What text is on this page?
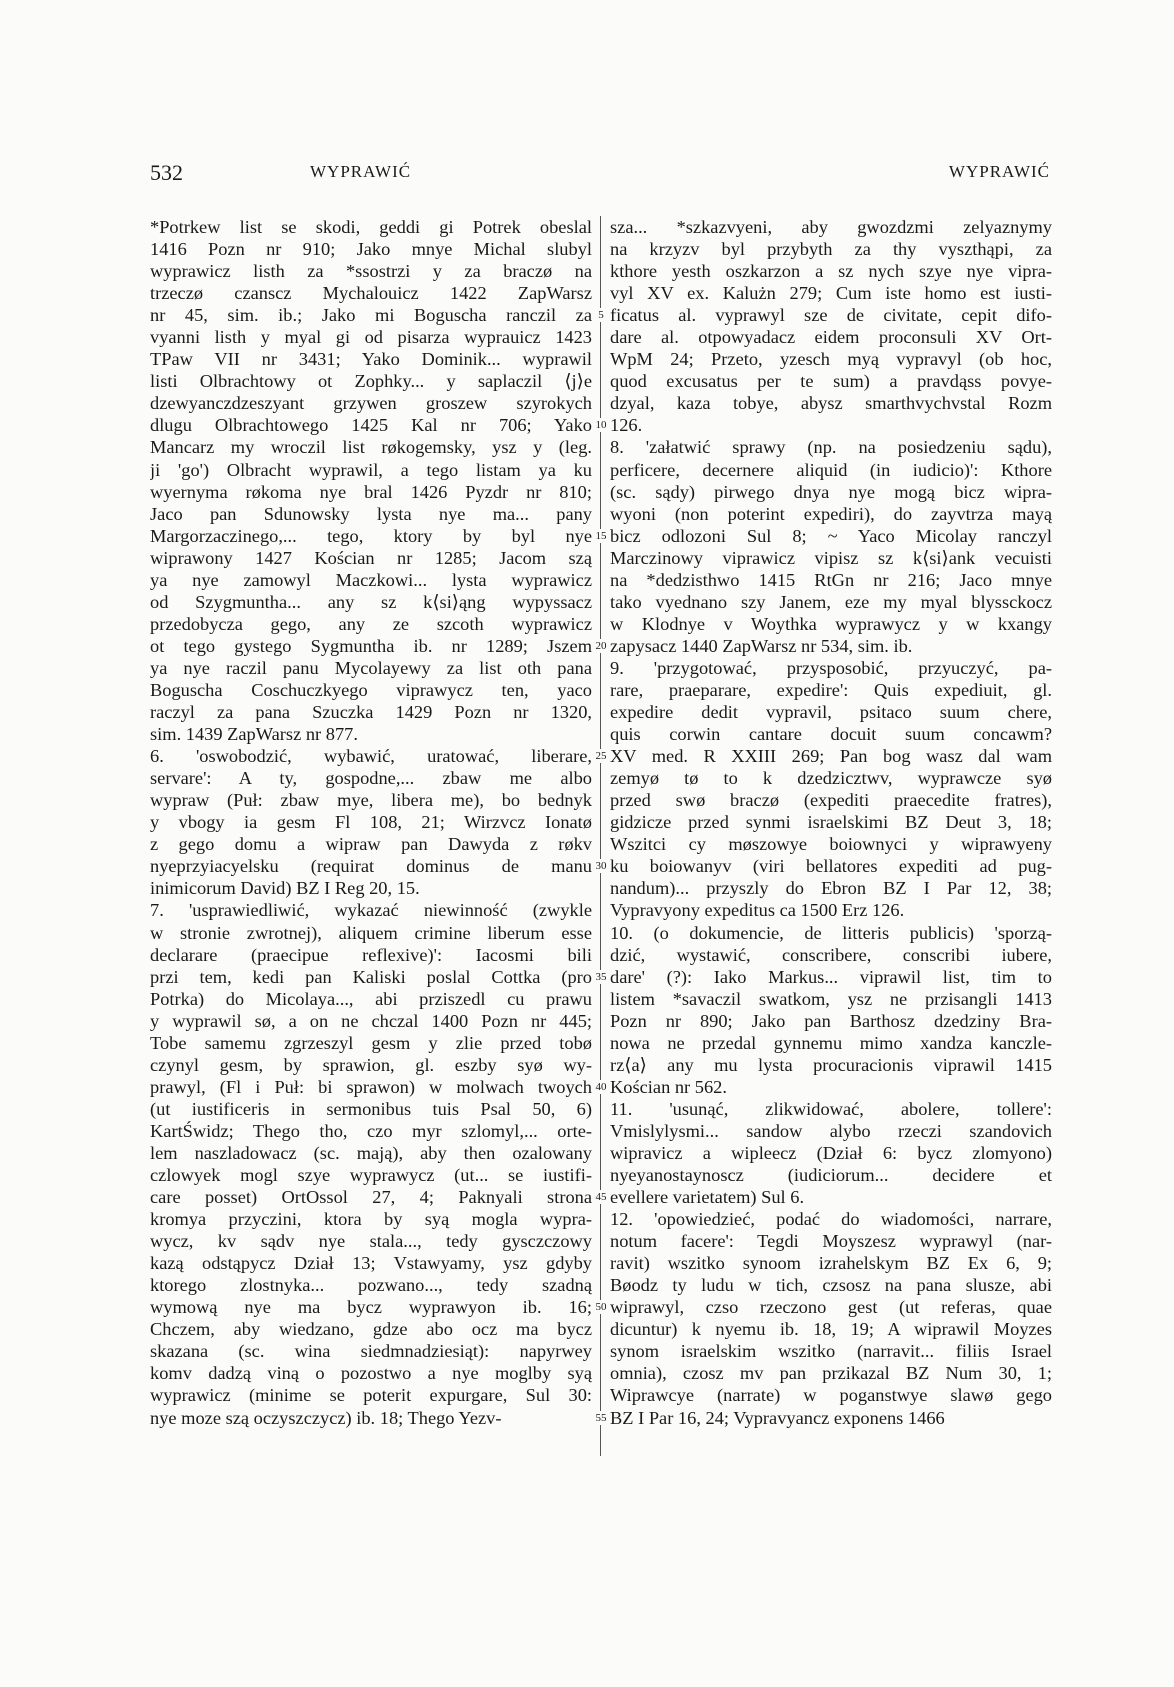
532	WYPRAWIĆ	WYPRAWIĆ
*Potrkew list se skodi, geddi gi Potrek obeslal
1416 Pozn nr 910; Jako mnye Michal slubyl
wyprawicz listh za *ssostrzi y za braczø na
trzeczø czanscz Mychalouicz 1422 ZapWarsz
nr 45, sim. ib.; Jako mi Boguscha ranczil za
vyanni listh y myal gi od pisarza wyprauicz 1423
TPaw VII nr 3431; Yako Dominik... wyprawil
listi Olbrachtowy ot Zophky... y saplaczil ⟨j⟩e
dzewyanczdzeszyant grzywen groszew szyrokych
dlugu Olbrachtowego 1425 Kal nr 706; Yako
Mancarz my wroczil list røkogemsky, ysz y (leg.
ji 'go') Olbracht wyprawil, a tego listam ya ku
wyernyma røkoma nye bral 1426 Pyzdr nr 810;
Jaco pan Sdunowsky lysta nye ma... pany
Margorzaczinego,... tego, ktory by byl nye
wiprawony 1427 Kościan nr 1285; Jacom szą
ya nye zamowyl Maczkowi... lysta wyprawicz
od Szygmuntha... any sz k⟨si⟩ąng wypyssacz
przedobycza gego, any ze szcoth wyprawicz
ot tego gystego Sygmuntha ib. nr 1289; Jszem
ya nye raczil panu Mycolayewy za list oth pana
Boguscha Coschuczkyego viprawycz ten, yaco
raczyl za pana Szuczka 1429 Pozn nr 1320,
sim. 1439 ZapWarsz nr 877.
6. 'oswobodzić, wybawić, uratować, liberare,
servare': A ty, gospodne,... zbaw me albo
wypraw (Puł: zbaw mye, libera me), bo bednyk
y vbogy ia gesm Fl 108, 21; Wirzvcz Ionatø
z gego domu a wipraw pan Dawyda z røkv
nyeprzyiacyelsku (requirat dominus de manu
inimicorum David) BZ I Reg 20, 15.
7. 'usprawiedliwić, wykazać niewinność (zwykle
w stronie zwrotnej), aliquem crimine liberum esse
declarare (praecipue reflexive)': Iacosmi bili
przi tem, kedi pan Kaliski poslal Cottka (pro
Potrka) do Micolaya..., abi prziszedl cu prawu
y wyprawil sø, a on ne chczal 1400 Pozn nr 445;
Tobe samemu zgrzeszyl gesm y zlie przed tobø
czynyl gesm, by sprawion, gl. eszby syø wy-
prawyl, (Fl i Puł: bi sprawon) w molwach twoych
(ut iustificeris in sermonibus tuis Psal 50, 6)
KartŚwidz; Thego tho, czo myr szlomyl,... orte-
lem naszladowacz (sc. mają), aby then ozalowany
czlowyek mogl szye wyprawycz (ut... se iustifi-
care posset) OrtOssol 27, 4; Paknyali strona
kromya przyczini, ktora by syą mogla wypra-
wycz, kv sądv nye stala..., tedy gysczczowy
kazą odstąpycz Dział 13; Vstawyamy, ysz gdyby
ktorego zlostnyka... pozwano..., tedy szadną
wymową nye ma bycz wyprawyon ib. 16;
Chczem, aby wiedzano, gdze abo ocz ma bycz
skazana (sc. wina siedmnadziesiąt): napyrwey
komv dadzą viną o pozostwo a nye moglby syą
wyprawicz (minime se poterit expurgare, Sul 30:
nye moze szą oczyszczycz) ib. 18; Thego Yezv-
5
10
15
20
25
30
35
40
45
50
55
sza... *szkazvyeni, aby gwozdzmi zelyaznymy
na krzyzv byl przybyth za thy vyszthąpi, za
kthore yesth oszkarzon a sz nych szye nye vipra-
vyl XV ex. Kalużn 279; Cum iste homo est iusti-
ficatus al. vyprawyl sze de civitate, cepit difo-
dare al. otpowyadacz eidem proconsuli XV Ort-
WpM 24; Przeto, yzesch myą vypravyl (ob hoc,
quod excusatus per te sum) a pravdąss povye-
dzyal, kaza tobye, abysz smarthvychvstal Rozm
126.
8. 'załatwić sprawy (np. na posiedzeniu sądu),
perficere, decernere aliquid (in iudicio)': Kthore
(sc. sądy) pirwego dnya nye mogą bicz wipra-
wyoni (non poterint expediri), do zayvtrza mayą
bicz odlozoni Sul 8; ~ Yaco Micolay ranczyl
Marczinowy viprawicz vipisz sz k⟨si⟩ank vecuisti
na *dedzisthwo 1415 RtGn nr 216; Jaco mnye
tako vyednano szy Janem, eze my myal blyssckocz
w Klodnye v Woythka wyprawycz y w kxangy
zapysacz 1440 ZapWarsz nr 534, sim. ib.
9. 'przygotować, przysposobić, przyuczyć, pa-
rare, praeparare, expedire': Quis expediuit, gl.
expedire dedit vypravil, psitaco suum chere,
quis corwin cantare docuit suum concawm?
XV med. R XXIII 269; Pan bog wasz dal wam
zemyø tø to k dzedzicztwv, wyprawcze syø
przed swø braczø (expediti praecedite fratres),
gidzicze przed synmi israelskimi BZ Deut 3, 18;
Wszitci cy møszowye boiownyci y wiprawyeny
ku boiowanyv (viri bellatores expediti ad pug-
nandum)... przyszly do Ebron BZ I Par 12, 38;
Vypravyony expeditus ca 1500 Erz 126.
10. (o dokumencie, de litteris publicis) 'sporzą-
dzić, wystawić, conscribere, conscribi iubere,
dare' (?): Iako Markus... viprawil list, tim to
listem *savaczil swatkom, ysz ne przisangli 1413
Pozn nr 890; Jako pan Barthosz dzedziny Bra-
nowa ne przedal gynnemu mimo xandza kanczle-
rz⟨a⟩ any mu lysta procuracionis viprawil 1415
Kościan nr 562.
11. 'usunąć, zlikwidować, abolere, tollere':
Vmislylysmi... sandow alybo rzeczi szandovich
wipravicz a wipleecz (Dział 6: bycz zlomyono)
nyeyanostaynoscz (iudiciorum... decidere et
evellere varietatem) Sul 6.
12. 'opowiedzieć, podać do wiadomości, narrare,
notum facere': Tegdi Moyszesz wyprawyl (nar-
ravit) wszitko synoom izrahelskym BZ Ex 6, 9;
Bøodz ty ludu w tich, czsosz na pana slusze, abi
wiprawyl, czso rzeczono gest (ut referas, quae
dicuntur) k nyemu ib. 18, 19; A wiprawil Moyzes
synom israelskim wszitko (narravit... filiis Israel
omnia), czosz mv pan przikazal BZ Num 30, 1;
Wiprawcye (narrate) w poganstwye slawø gego
BZ I Par 16, 24; Vypravyancz exponens 1466
